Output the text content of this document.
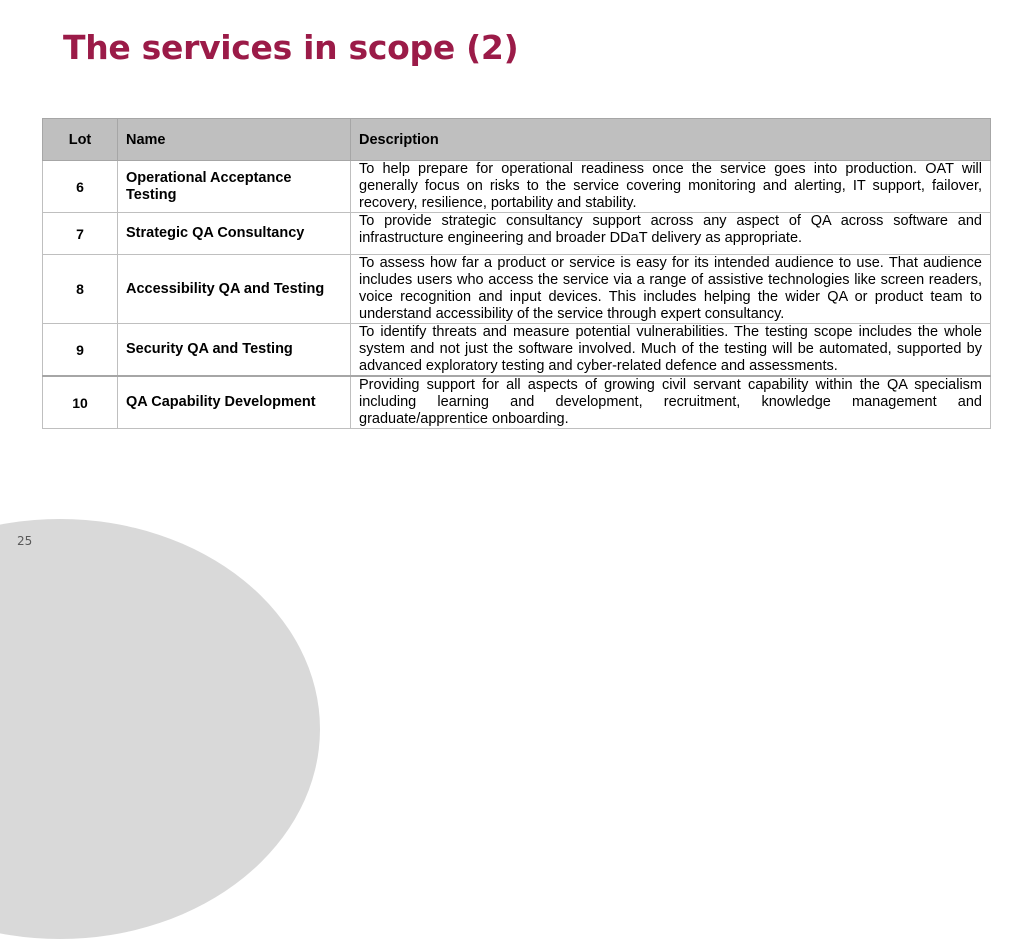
The services in scope (2)
Lot	Name	Description
6	Operational Acceptance Testing	To help prepare for operational readiness once the service goes into production. OAT will generally focus on risks to the service covering monitoring and alerting, IT support, failover, recovery, resilience, portability and stability.
7	Strategic QA Consultancy	To provide strategic consultancy support across any aspect of QA across software and infrastructure engineering and broader DDaT delivery as appropriate.
8	Accessibility QA and Testing	To assess how far a product or service is easy for its intended audience to use. That audience includes users who access the service via a range of assistive technologies like screen readers, voice recognition and input devices. This includes helping the wider QA or product team to understand accessibility of the service through expert consultancy.
9	Security QA and Testing	To identify threats and measure potential vulnerabilities. The testing scope includes the whole system and not just the software involved. Much of the testing will be automated, supported by advanced exploratory testing and cyber-related defence and assessments.
10	QA Capability Development	Providing support for all aspects of growing civil servant capability within the QA specialism including learning and development, recruitment, knowledge management and graduate/apprentice onboarding.
25
